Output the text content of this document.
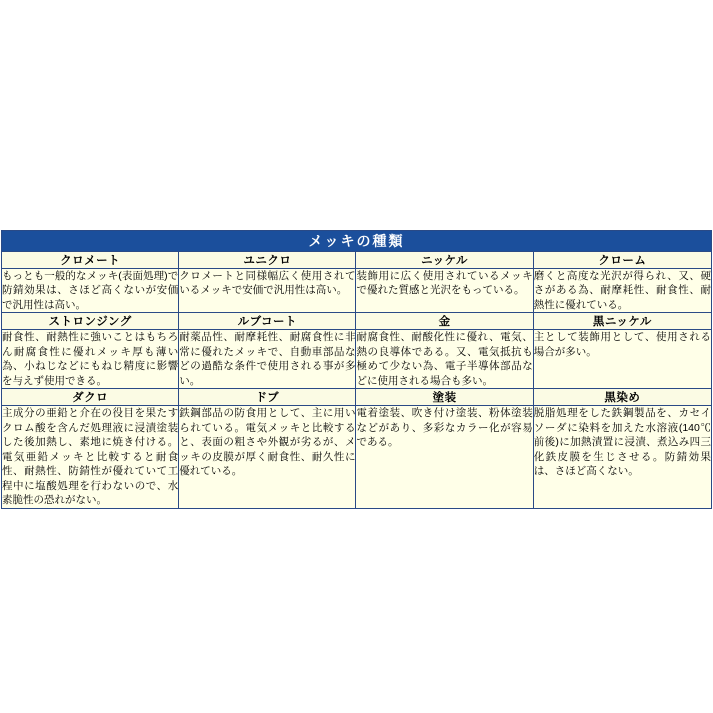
メッキの種類			
クロメート	ユニクロ	ニッケル	クローム
もっとも一般的なメッキ(表面処理)で防錆効果は、さほど高くないが安価で汎用性は高い。	クロメートと同様幅広く使用されているメッキで安価で汎用性は高い。	装飾用に広く使用されているメッキで優れた質感と光沢をもっている。	磨くと高度な光沢が得られ、又、硬さがある為、耐摩耗性、耐食性、耐熱性に優れている。
ストロンジング	ルブコート	金	黒ニッケル
耐食性、耐熱性に強いことはもちろん耐腐食性に優れメッキ厚も薄い為、小ねじなどにもねじ精度に影響を与えず使用できる。	耐薬品性、耐摩耗性、耐腐食性に非常に優れたメッキで、自動車部品などの過酷な条件で使用される事が多い。	耐腐食性、耐酸化性に優れ、電気、熱の良導体である。又、電気抵抗も極めて少ない為、電子半導体部品などに使用される場合も多い。	主として装飾用として、使用される場合が多い。
ダクロ	ドブ	塗装	黒染め
主成分の亜鉛と介在の役目を果たすクロム酸を含んだ処理液に浸漬塗装した後加熱し、素地に焼き付ける。電気亜鉛メッキと比較すると耐食性、耐熱性、防錆性が優れていて工程中に塩酸処理を行わないので、水素脆性の恐れがない。	鉄鋼部品の防食用として、主に用いられている。電気メッキと比較すると、表面の粗さや外観が劣るが、メッキの皮膜が厚く耐食性、耐久性に優れている。	電着塗装、吹き付け塗装、粉体塗装などがあり、多彩なカラー化が容易である。	脱脂処理をした鉄鋼製品を、カセイソーダに染料を加えた水溶液(140℃前後)に加熱漬置に浸漬、煮込み四三化鉄皮膜を生じさせる。防錆効果は、さほど高くない。
